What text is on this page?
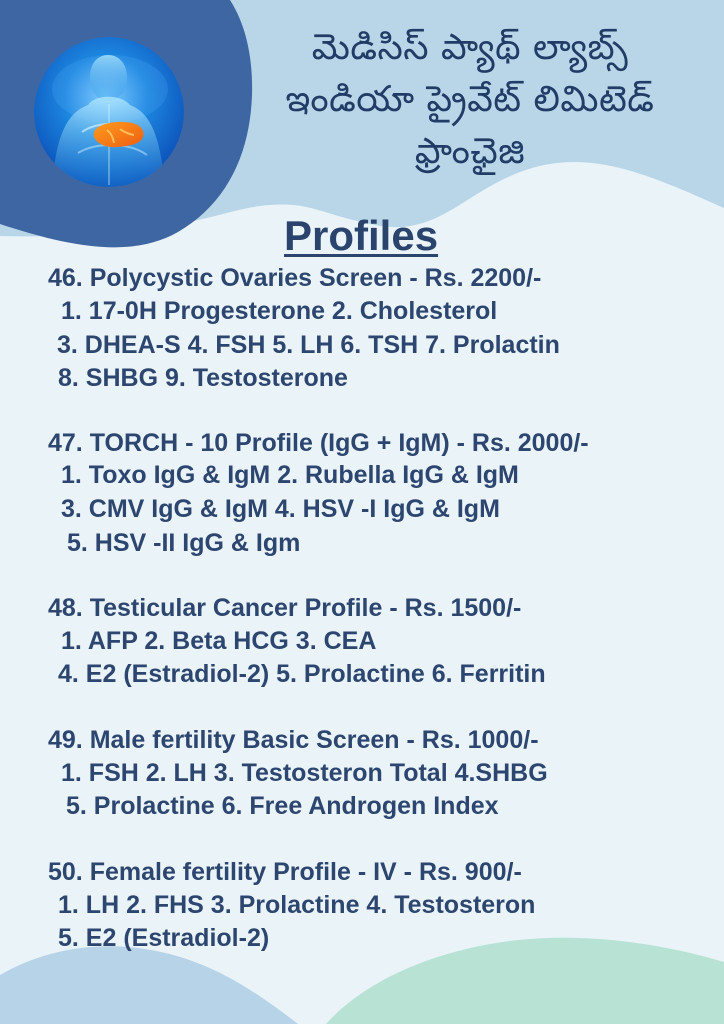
మెడిసిస్ ప్యాథ్ ల్యాబ్స్
ఇండియా ప్రైవేట్ లిమిటెడ్
ఫ్రాంఛైజి
Profiles
46. Polycystic Ovaries Screen - Rs. 2200/-
1. 17-0H Progesterone 2. Cholesterol
3. DHEA-S 4. FSH 5. LH 6. TSH 7. Prolactin
8. SHBG 9. Testosterone
47. TORCH - 10 Profile (IgG + IgM) - Rs. 2000/-
1. Toxo IgG & IgM 2. Rubella IgG & IgM
3. CMV IgG & IgM 4. HSV -I IgG & IgM
5. HSV -II IgG & Igm
48. Testicular Cancer Profile - Rs. 1500/-
1. AFP 2. Beta HCG 3. CEA
4. E2 (Estradiol-2) 5. Prolactine 6. Ferritin
49. Male fertility Basic Screen - Rs. 1000/-
1. FSH 2. LH 3. Testosteron Total 4.SHBG
5. Prolactine 6. Free Androgen Index
50. Female fertility Profile - IV - Rs. 900/-
1. LH 2. FHS 3. Prolactine 4. Testosteron
5. E2 (Estradiol-2)
